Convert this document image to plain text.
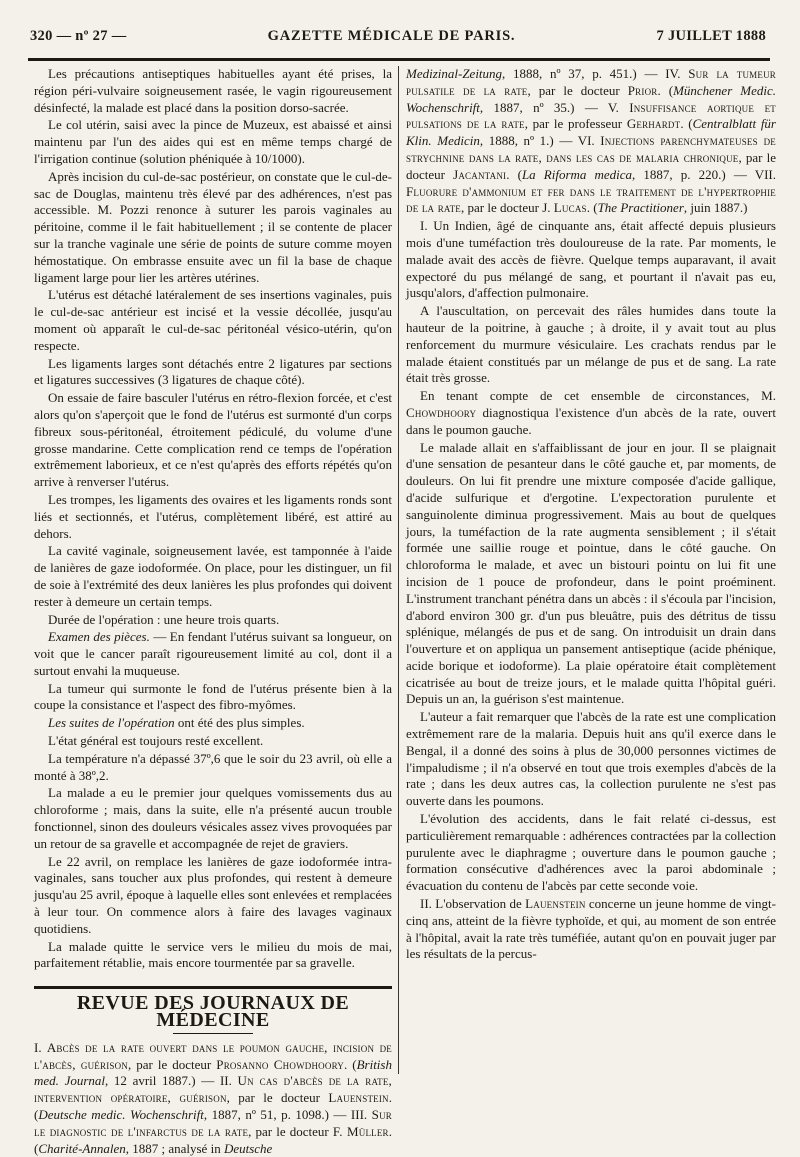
320 — nº 27 —	GAZETTE MÉDICALE DE PARIS.	7 JUILLET 1888

Les précautions antiseptiques habituelles ayant été prises, la région péri-vulvaire soigneusement rasée, le vagin rigoureusement désinfecté, la malade est placé dans la position dorso-sacrée.

Le col utérin, saisi avec la pince de Muzeux, est abaissé et ainsi maintenu par l'un des aides qui est en même temps chargé de l'irrigation continue (solution phéniquée à 10/1000).

Après incision du cul-de-sac postérieur, on constate que le cul-de-sac de Douglas, maintenu très élevé par des adhérences, n'est pas accessible. M. Pozzi renonce à suturer les parois vaginales au péritoine, comme il le fait habituellement ; il se contente de placer sur la tranche vaginale une série de points de suture comme moyen hémostatique. On embrasse ensuite avec un fil la base de chaque ligament large pour lier les artères utérines.

L'utérus est détaché latéralement de ses insertions vaginales, puis le cul-de-sac antérieur est incisé et la vessie décollée, jusqu'au moment où apparaît le cul-de-sac péritonéal vésico-utérin, qu'on respecte.

Les ligaments larges sont détachés entre 2 ligatures par sections et ligatures successives (3 ligatures de chaque côté).

On essaie de faire basculer l'utérus en rétro-flexion forcée, et c'est alors qu'on s'aperçoit que le fond de l'utérus est surmonté d'un corps fibreux sous-péritonéal, étroitement pédiculé, du volume d'une grosse mandarine. Cette complication rend ce temps de l'opération extrêmement laborieux, et ce n'est qu'après des efforts répétés qu'on arrive à renverser l'utérus.

Les trompes, les ligaments des ovaires et les ligaments ronds sont liés et sectionnés, et l'utérus, complètement libéré, est attiré au dehors.

La cavité vaginale, soigneusement lavée, est tamponnée à l'aide de lanières de gaze iodoformée. On place, pour les distinguer, un fil de soie à l'extrémité des deux lanières les plus profondes qui doivent rester à demeure un certain temps.

Durée de l'opération : une heure trois quarts.

Examen des pièces. — En fendant l'utérus suivant sa longueur, on voit que le cancer paraît rigoureusement limité au col, dont il a surtout envahi la muqueuse.

La tumeur qui surmonte le fond de l'utérus présente bien à la coupe la consistance et l'aspect des fibro-myômes.

Les suites de l'opération ont été des plus simples.

L'état général est toujours resté excellent.

La température n'a dépassé 37º,6 que le soir du 23 avril, où elle a monté à 38º,2.

La malade a eu le premier jour quelques vomissements dus au chloroforme ; mais, dans la suite, elle n'a présenté aucun trouble fonctionnel, sinon des douleurs vésicales assez vives provoquées par un retour de sa gravelle et accompagnée de rejet de graviers.

Le 22 avril, on remplace les lanières de gaze iodoformée intra-vaginales, sans toucher aux plus profondes, qui restent à demeure jusqu'au 25 avril, époque à laquelle elles sont enlevées et remplacées à leur tour. On commence alors à faire des lavages vaginaux quotidiens.

La malade quitte le service vers le milieu du mois de mai, parfaitement rétablie, mais encore tourmentée par sa gravelle.

REVUE DES JOURNAUX DE MÉDECINE

I. Abcès de la rate ouvert dans le poumon gauche, incision de l'abcès, guérison, par le docteur Prosanno Chowdhoory. (British med. Journal, 12 avril 1887.) — II. Un cas d'abcès de la rate, intervention opératoire, guérison, par le docteur Lauenstein. (Deutsche medic. Wochenschrift, 1887, nº 51, p. 1098.) — III. Sur le diagnostic de l'infarctus de la rate, par le docteur F. Müller. (Charité-Annalen, 1887 ; analysé in Deutsche

Medizinal-Zeitung, 1888, nº 37, p. 451.) — IV. Sur la tumeur pulsatile de la rate, par le docteur Prior. (Münchener Medic. Wochenschrift, 1887, nº 35.) — V. Insuffisance aortique et pulsations de la rate, par le professeur Gerhardt. (Centralblatt für Klin. Medicin, 1888, nº 1.) — VI. Injections parenchymateuses de strychnine dans la rate, dans les cas de malaria chronique, par le docteur Jacantani. (La Riforma medica, 1887, p. 220.) — VII. Fluorure d'ammonium et fer dans le traitement de l'hypertrophie de la rate, par le docteur J. Lucas. (The Practitioner, juin 1887.)

I. Un Indien, âgé de cinquante ans, était affecté depuis plusieurs mois d'une tuméfaction très douloureuse de la rate. Par moments, le malade avait des accès de fièvre. Quelque temps auparavant, il avait expectoré du pus mélangé de sang, et pourtant il n'avait pas eu, jusqu'alors, d'affection pulmonaire.

A l'auscultation, on percevait des râles humides dans toute la hauteur de la poitrine, à gauche ; à droite, il y avait tout au plus renforcement du murmure vésiculaire. Les crachats rendus par le malade étaient constitués par un mélange de pus et de sang. La rate était très grosse.

En tenant compte de cet ensemble de circonstances, M. Chowdhoory diagnostiqua l'existence d'un abcès de la rate, ouvert dans le poumon gauche.

Le malade allait en s'affaiblissant de jour en jour. Il se plaignait d'une sensation de pesanteur dans le côté gauche et, par moments, de douleurs. On lui fit prendre une mixture composée d'acide gallique, d'acide sulfurique et d'ergotine. L'expectoration purulente et sanguinolente diminua progressivement. Mais au bout de quelques jours, la tuméfaction de la rate augmenta sensiblement ; il s'était formée une saillie rouge et pointue, dans le côté gauche. On chloroforma le malade, et avec un bistouri pointu on lui fit une incision de 1 pouce de profondeur, dans le point proéminent. L'instrument tranchant pénétra dans un abcès : il s'écoula par l'incision, d'abord environ 300 gr. d'un pus bleuâtre, puis des détritus de tissu splénique, mélangés de pus et de sang. On introduisit un drain dans l'ouverture et on appliqua un pansement antiseptique (acide phénique, acide borique et iodoforme). La plaie opératoire était complètement cicatrisée au bout de treize jours, et le malade quitta l'hôpital guéri. Depuis un an, la guérison s'est maintenue.

L'auteur a fait remarquer que l'abcès de la rate est une complication extrêmement rare de la malaria. Depuis huit ans qu'il exerce dans le Bengal, il a donné des soins à plus de 30,000 personnes victimes de l'impaludisme ; il n'a observé en tout que trois exemples d'abcès de la rate ; dans les deux autres cas, la collection purulente ne s'est pas ouverte dans les poumons.

L'évolution des accidents, dans le fait relaté ci-dessus, est particulièrement remarquable : adhérences contractées par la collection purulente avec le diaphragme ; ouverture dans le poumon gauche ; formation consécutive d'adhérences avec la paroi abdominale ; évacuation du contenu de l'abcès par cette seconde voie.

II. L'observation de Lauenstein concerne un jeune homme de vingt-cinq ans, atteint de la fièvre typhoïde, et qui, au moment de son entrée à l'hôpital, avait la rate très tuméfiée, autant qu'on en pouvait juger par les résultats de la percus-
